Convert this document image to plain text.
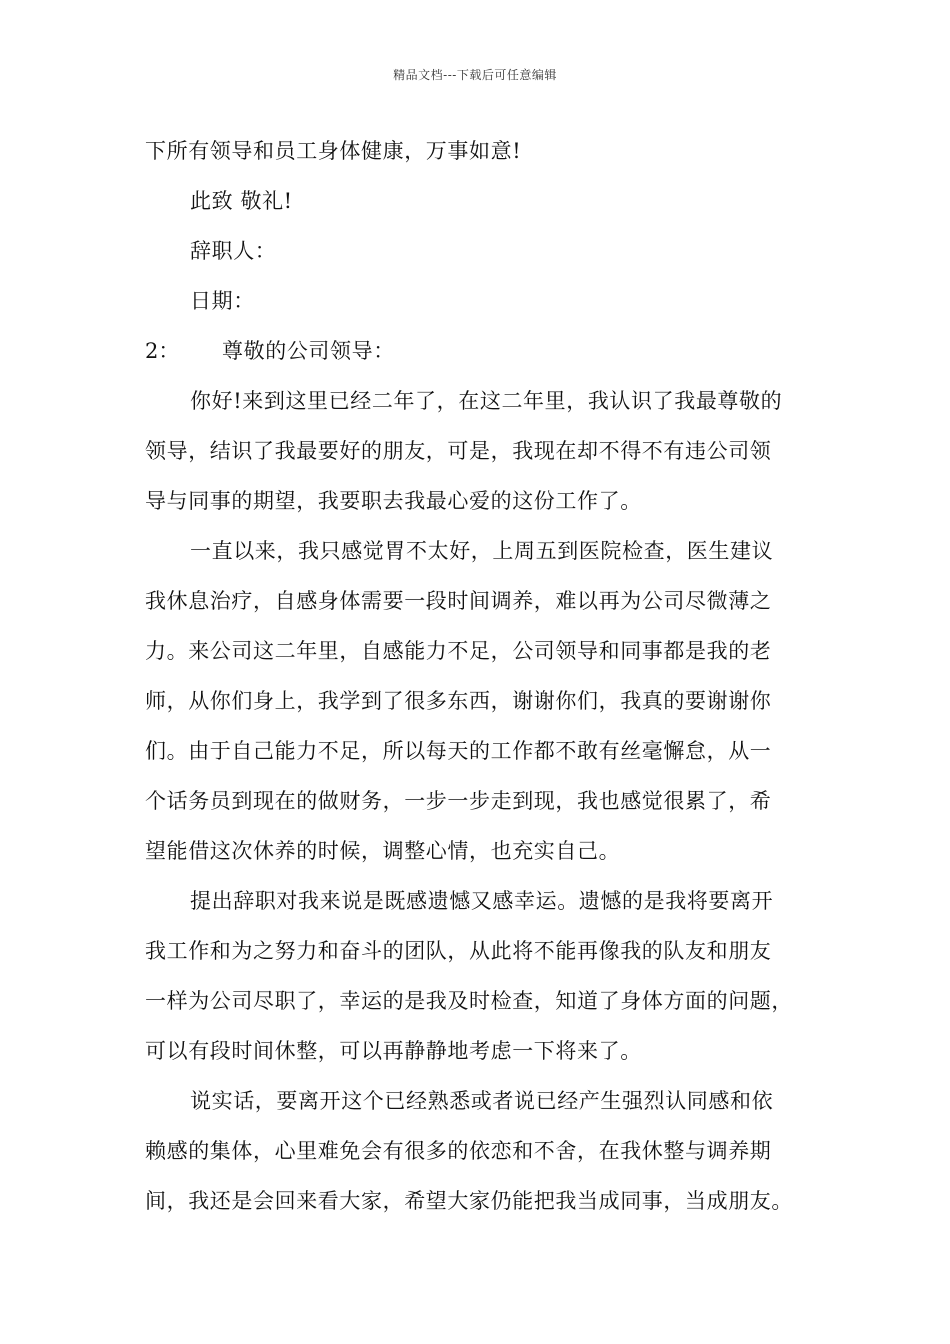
精品文档---下载后可任意编辑
下所有领导和员工身体健康，万事如意!
此致 敬礼!
辞职人：
日期：
2： 尊敬的公司领导：
你好!来到这里已经二年了，在这二年里，我认识了我最尊敬的
领导，结识了我最要好的朋友，可是，我现在却不得不有违公司领
导与同事的期望，我要职去我最心爱的这份工作了。
一直以来，我只感觉胃不太好，上周五到医院检查，医生建议
我休息治疗，自感身体需要一段时间调养，难以再为公司尽微薄之
力。来公司这二年里，自感能力不足，公司领导和同事都是我的老
师，从你们身上，我学到了很多东西，谢谢你们，我真的要谢谢你
们。由于自己能力不足，所以每天的工作都不敢有丝毫懈怠，从一
个话务员到现在的做财务，一步一步走到现，我也感觉很累了，希
望能借这次休养的时候，调整心情，也充实自己。
提出辞职对我来说是既感遗憾又感幸运。遗憾的是我将要离开
我工作和为之努力和奋斗的团队，从此将不能再像我的队友和朋友
一样为公司尽职了，幸运的是我及时检查，知道了身体方面的问题，
可以有段时间休整，可以再静静地考虑一下将来了。
说实话，要离开这个已经熟悉或者说已经产生强烈认同感和依
赖感的集体，心里难免会有很多的依恋和不舍，在我休整与调养期
间，我还是会回来看大家，希望大家仍能把我当成同事，当成朋友。
